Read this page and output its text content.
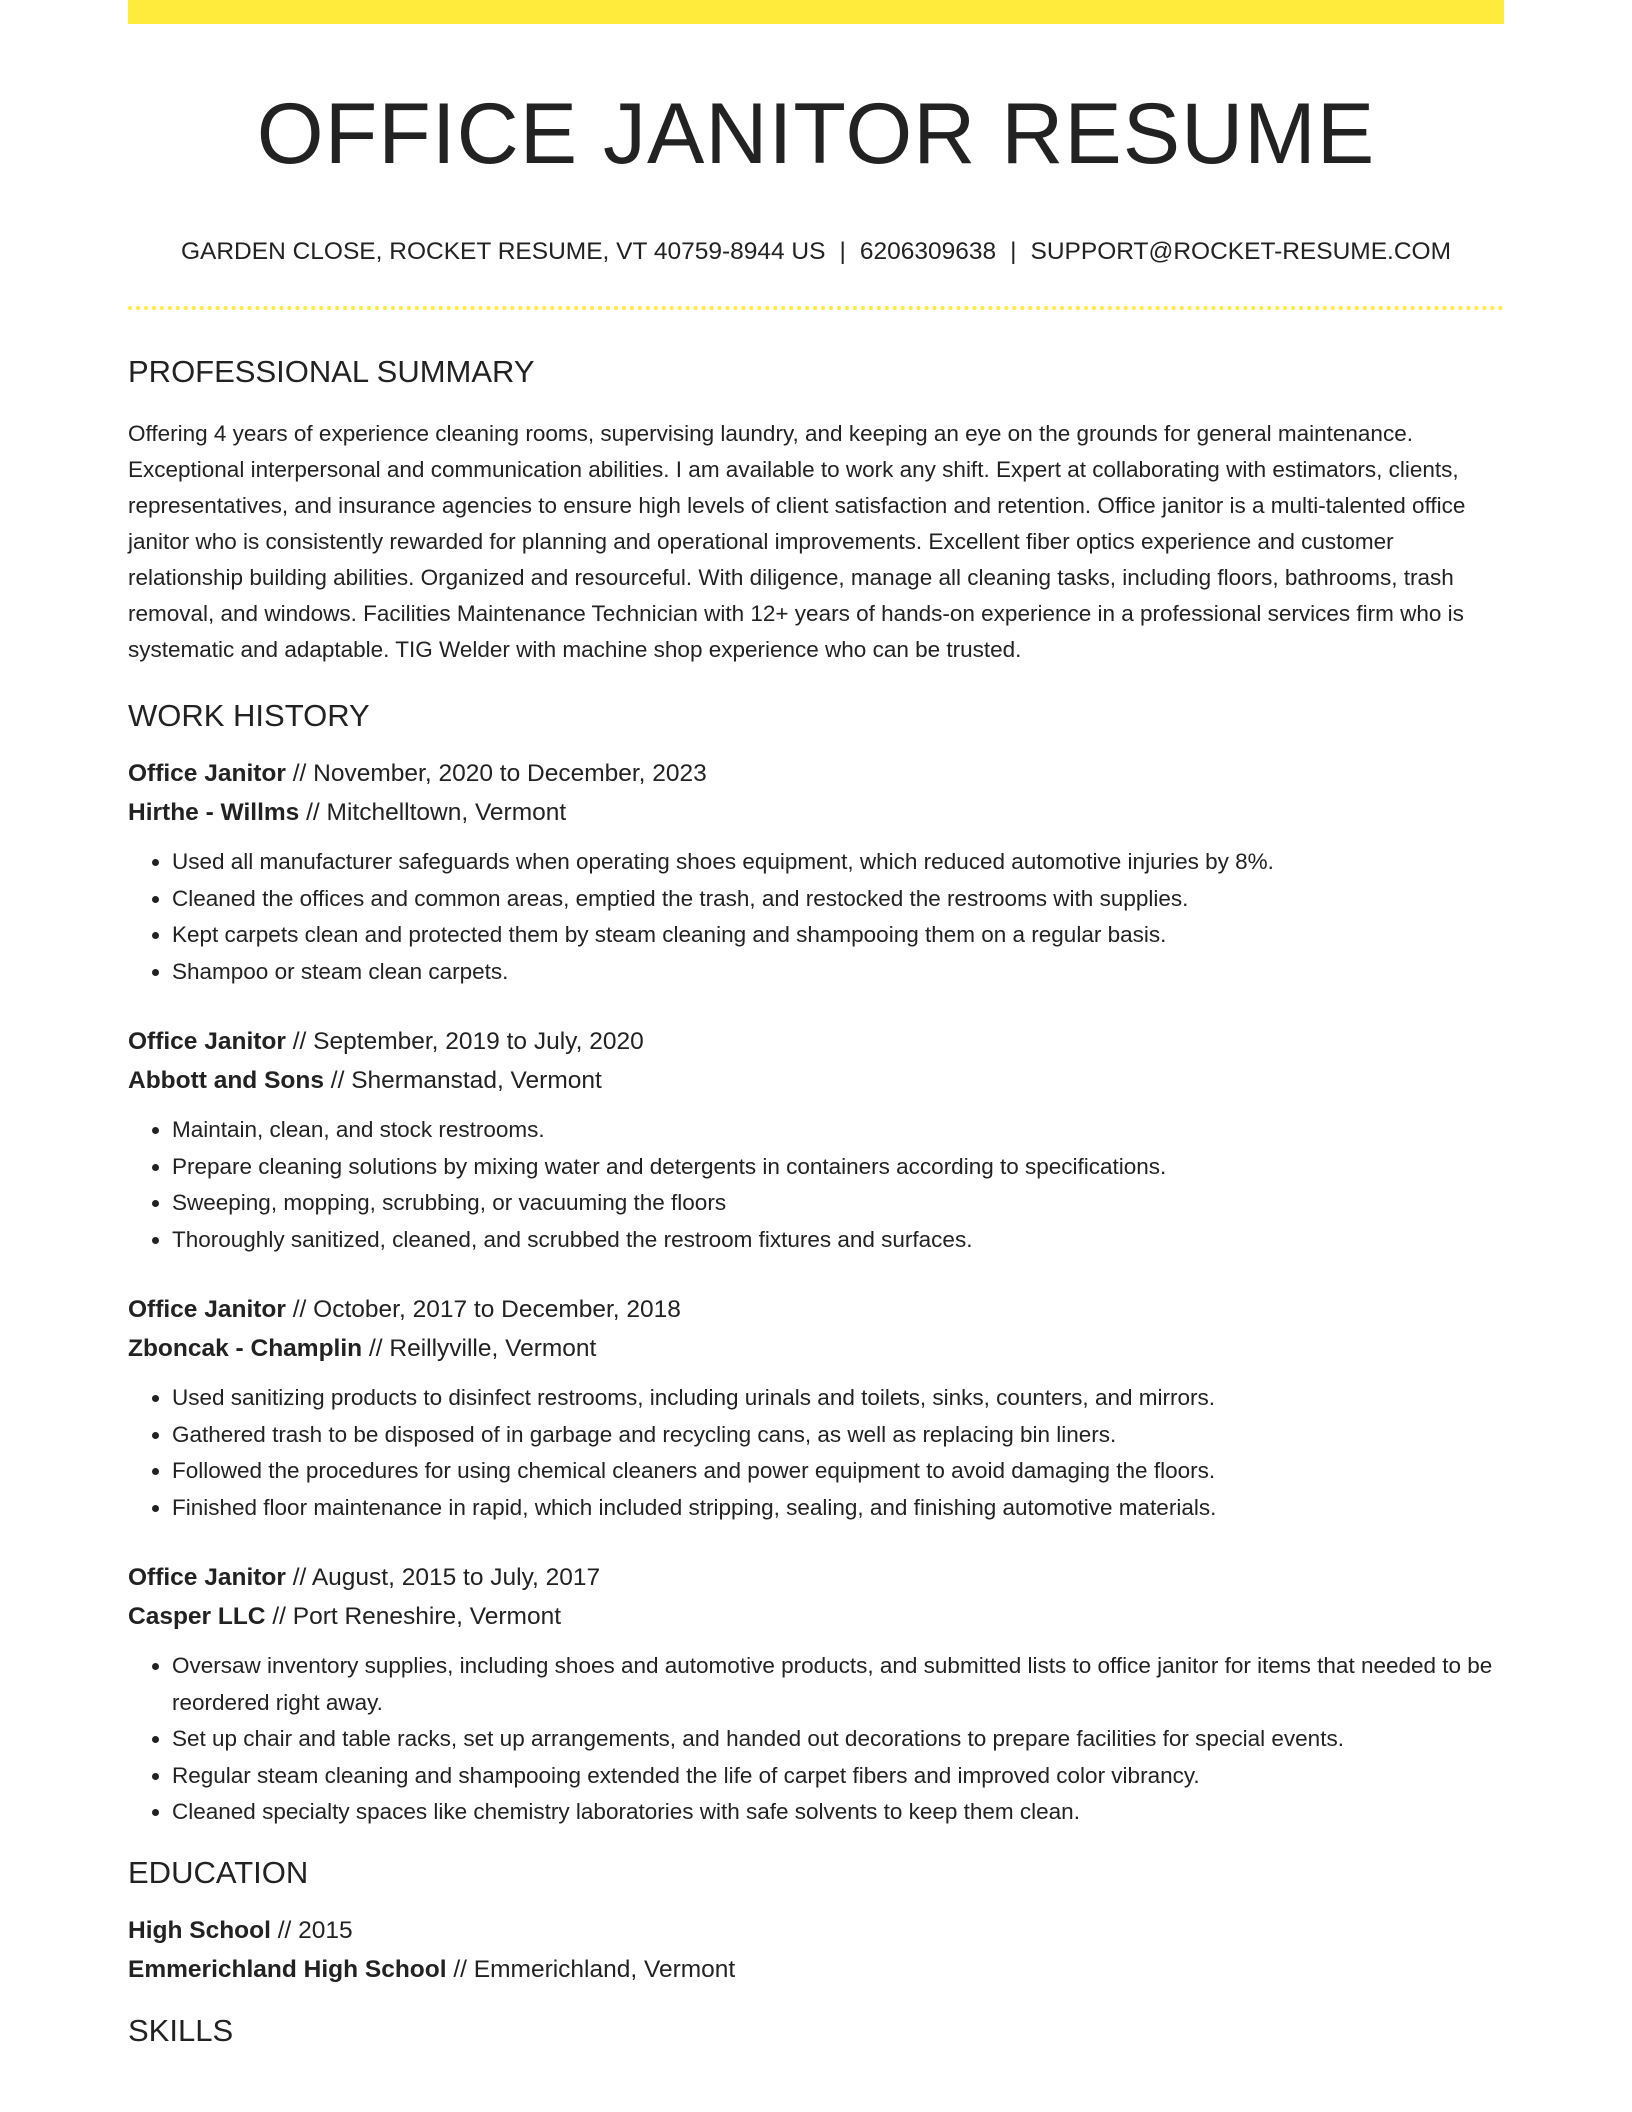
OFFICE JANITOR RESUME
GARDEN CLOSE, ROCKET RESUME, VT 40759-8944 US | 6206309638 | SUPPORT@ROCKET-RESUME.COM
PROFESSIONAL SUMMARY

Offering 4 years of experience cleaning rooms, supervising laundry, and keeping an eye on the grounds for general maintenance. Exceptional interpersonal and communication abilities. I am available to work any shift. Expert at collaborating with estimators, clients, representatives, and insurance agencies to ensure high levels of client satisfaction and retention. Office janitor is a multi-talented office janitor who is consistently rewarded for planning and operational improvements. Excellent fiber optics experience and customer relationship building abilities. Organized and resourceful. With diligence, manage all cleaning tasks, including floors, bathrooms, trash removal, and windows. Facilities Maintenance Technician with 12+ years of hands-on experience in a professional services firm who is systematic and adaptable. TIG Welder with machine shop experience who can be trusted.

WORK HISTORY
Office Janitor // November, 2020 to December, 2023
Hirthe - Willms // Mitchelltown, Vermont
• Used all manufacturer safeguards when operating shoes equipment, which reduced automotive injuries by 8%.
• Cleaned the offices and common areas, emptied the trash, and restocked the restrooms with supplies.
• Kept carpets clean and protected them by steam cleaning and shampooing them on a regular basis.
• Shampoo or steam clean carpets.
Office Janitor // September, 2019 to July, 2020
Abbott and Sons // Shermanstad, Vermont
• Maintain, clean, and stock restrooms.
• Prepare cleaning solutions by mixing water and detergents in containers according to specifications.
• Sweeping, mopping, scrubbing, or vacuuming the floors
• Thoroughly sanitized, cleaned, and scrubbed the restroom fixtures and surfaces.
Office Janitor // October, 2017 to December, 2018
Zboncak - Champlin // Reillyville, Vermont
• Used sanitizing products to disinfect restrooms, including urinals and toilets, sinks, counters, and mirrors.
• Gathered trash to be disposed of in garbage and recycling cans, as well as replacing bin liners.
• Followed the procedures for using chemical cleaners and power equipment to avoid damaging the floors.
• Finished floor maintenance in rapid, which included stripping, sealing, and finishing automotive materials.
Office Janitor // August, 2015 to July, 2017
Casper LLC // Port Reneshire, Vermont
• Oversaw inventory supplies, including shoes and automotive products, and submitted lists to office janitor for items that needed to be reordered right away.
• Set up chair and table racks, set up arrangements, and handed out decorations to prepare facilities for special events.
• Regular steam cleaning and shampooing extended the life of carpet fibers and improved color vibrancy.
• Cleaned specialty spaces like chemistry laboratories with safe solvents to keep them clean.
EDUCATION
High School // 2015
Emmerichland High School // Emmerichland, Vermont
SKILLS
